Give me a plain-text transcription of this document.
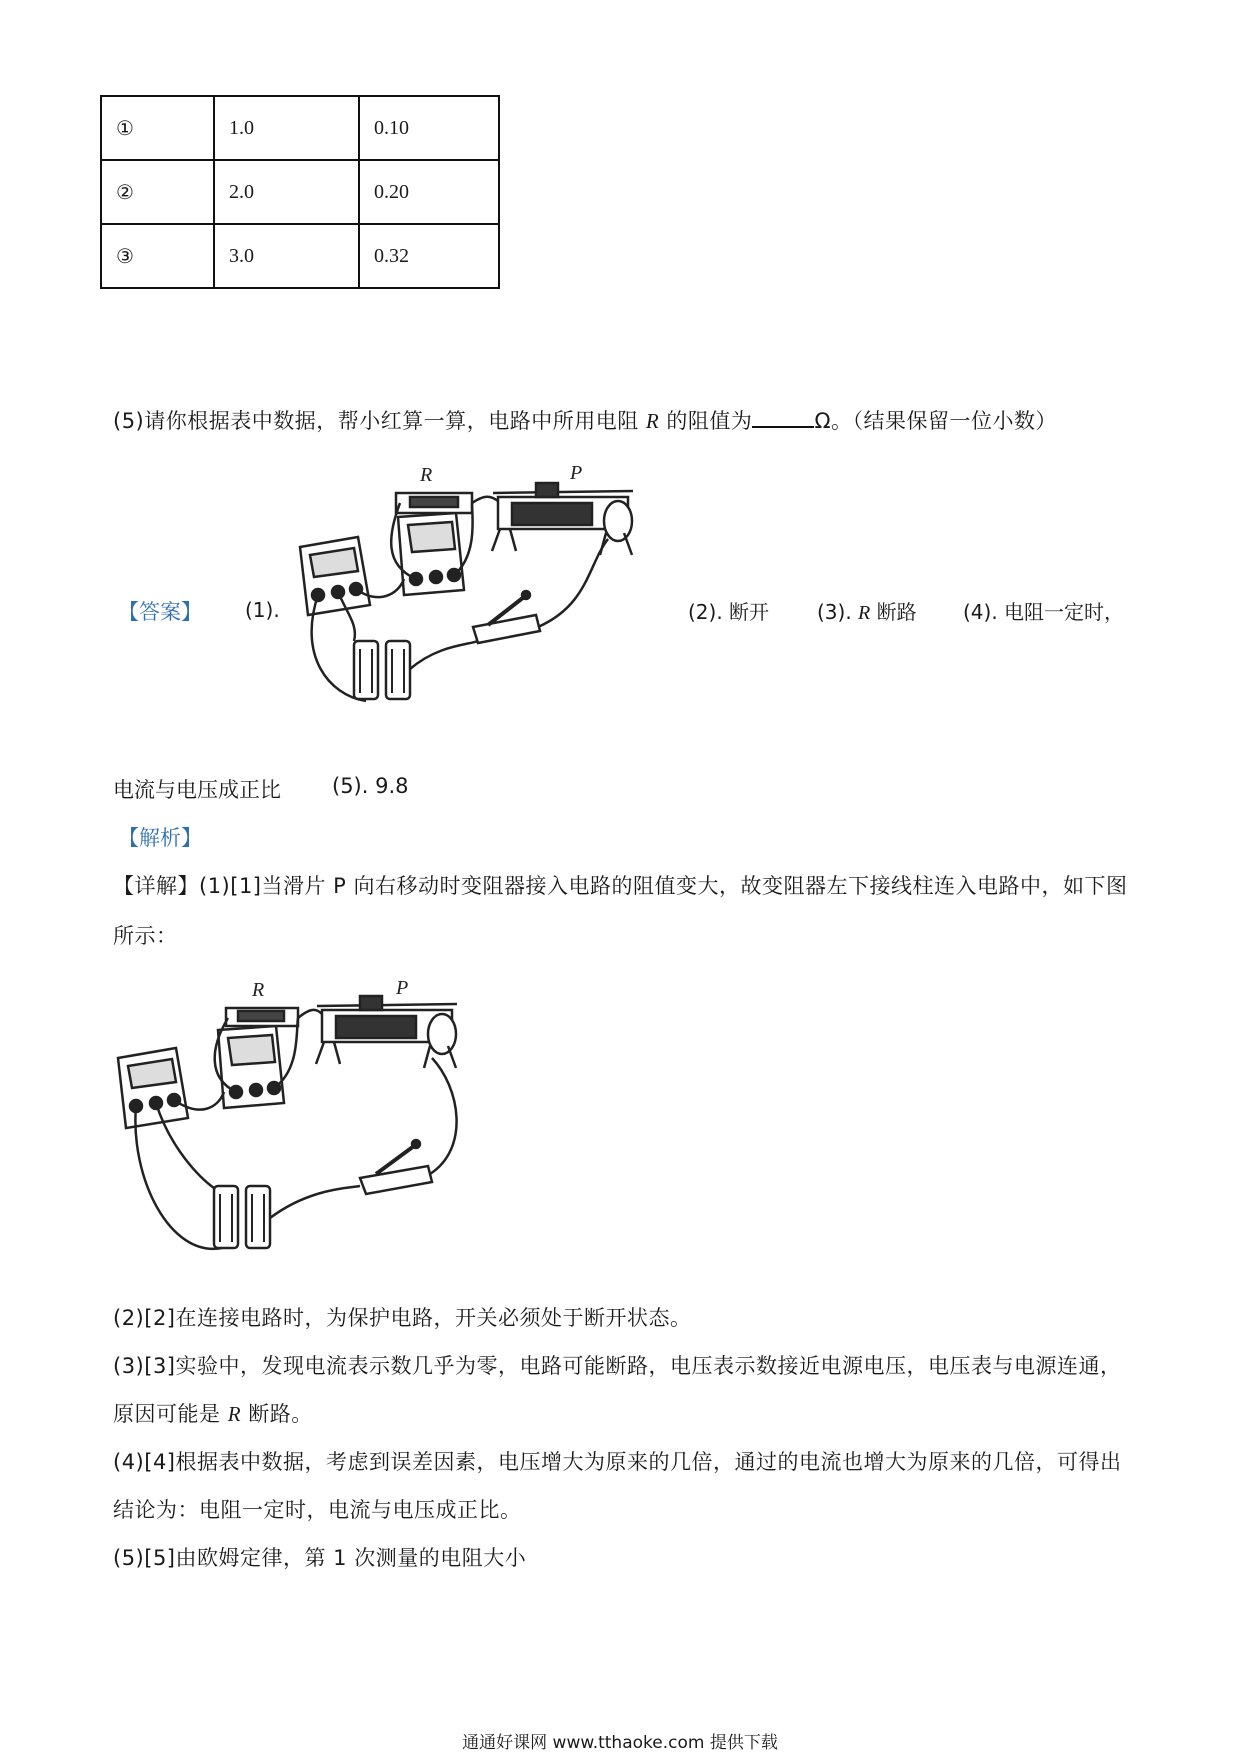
①	1.0	0.10
②	2.0	0.20
③	3.0	0.32
(5)请你根据表中数据，帮小红算一算，电路中所用电阻 R 的阻值为	Ω。（结果保留一位小数）
【答案】 (1).	(2). 断开 (3). R 断路 (4). 电阻一定时，
R	P
电流与电压成正比 (5). 9.8
【解析】
【详解】(1)[1]当滑片 P 向右移动时变阻器接入电路的阻值变大，故变阻器左下接线柱连入电路中，如下图
所示：
R	P
(2)[2]在连接电路时，为保护电路，开关必须处于断开状态。
(3)[3]实验中，发现电流表示数几乎为零，电路可能断路，电压表示数接近电源电压，电压表与电源连通，
原因可能是 R 断路。
(4)[4]根据表中数据，考虑到误差因素，电压增大为原来的几倍，通过的电流也增大为原来的几倍，可得出
结论为：电阻一定时，电流与电压成正比。
(5)[5]由欧姆定律，第 1 次测量的电阻大小
通通好课网 www.tthaoke.com 提供下载
